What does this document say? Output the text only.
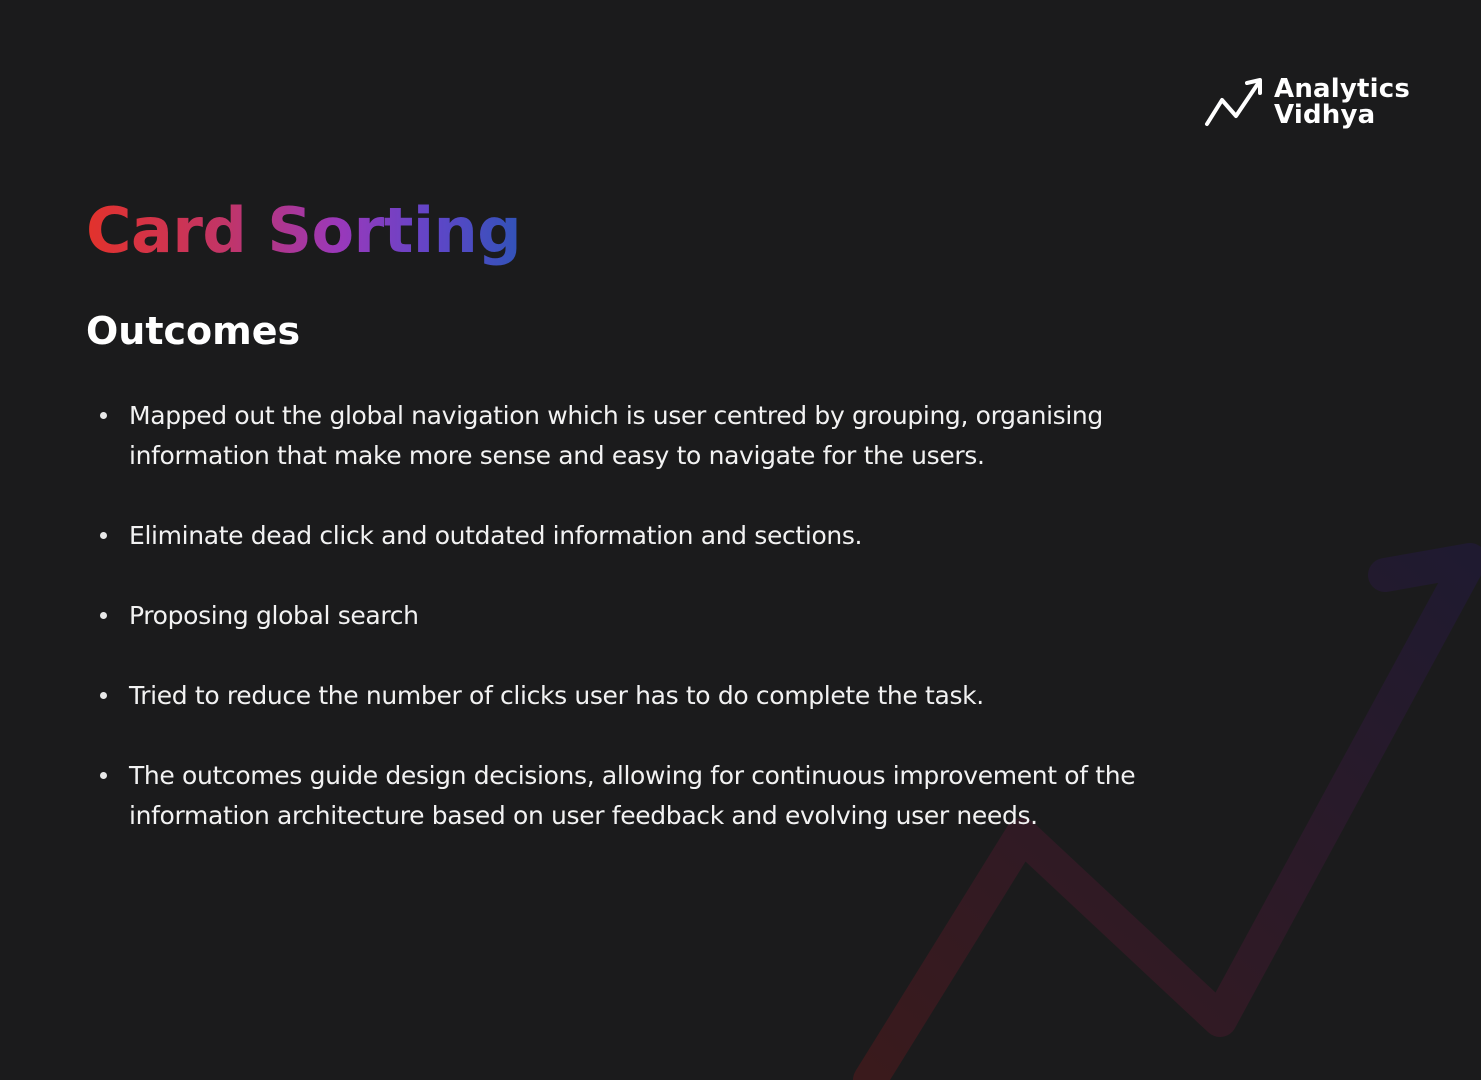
Analytics
Vidhya
Card Sorting
Outcomes
Mapped out the global navigation which is user centred by grouping, organising information that make more sense and easy to navigate for the users.
Eliminate dead click and outdated information and sections.
Proposing global search
Tried to reduce the number of clicks user has to do complete the task.
The outcomes guide design decisions, allowing for continuous improvement of the information architecture based on user feedback and evolving user needs.
